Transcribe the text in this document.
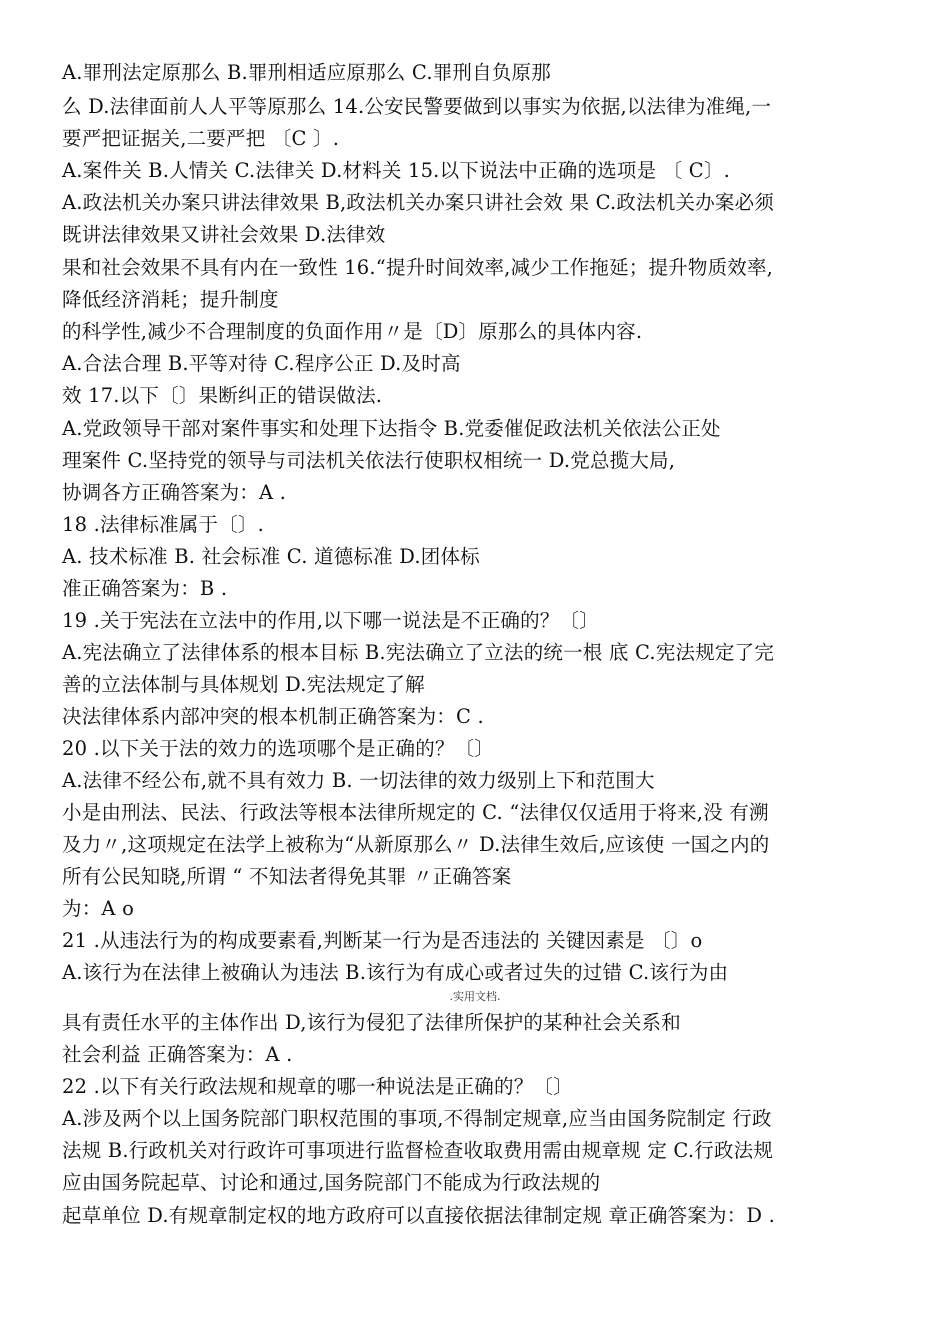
A.罪刑法定原那么 B.罪刑相适应原那么 C.罪刑自负原那
么 D.法律面前人人平等原那么 14.公安民警要做到以事实为依据,以法律为准绳,一
要严把证据关,二要严把 〔C 〕.
A.案件关 B.人情关 C.法律关 D.材料关 15.以下说法中正确的选项是 〔 C〕.
A.政法机关办案只讲法律效果 B,政法机关办案只讲社会效 果 C.政法机关办案必须
既讲法律效果又讲社会效果 D.法律效
果和社会效果不具有内在一致性 16.“提升时间效率,减少工作拖延；提升物质效率,
降低经济消耗；提升制度
的科学性,减少不合理制度的负面作用〃是〔D〕原那么的具体内容.
A.合法合理 B.平等对待 C.程序公正 D.及时高
效 17.以下〔〕果断纠正的错误做法.
A.党政领导干部对案件事实和处理下达指令 B.党委催促政法机关依法公正处
理案件 C.坚持党的领导与司法机关依法行使职权相统一 D.党总揽大局,
协调各方正确答案为：A .
18 .法律标准属于〔〕.
A. 技术标准 B. 社会标准 C. 道德标准 D.团体标
准正确答案为：B .
19 .关于宪法在立法中的作用,以下哪一说法是不正确的？〔〕
A.宪法确立了法律体系的根本目标 B.宪法确立了立法的统一根 底 C.宪法规定了完
善的立法体制与具体规划 D.宪法规定了解
决法律体系内部冲突的根本机制正确答案为：C .
20 .以下关于法的效力的选项哪个是正确的？〔〕
A.法律不经公布,就不具有效力 B. 一切法律的效力级别上下和范围大
小是由刑法、民法、行政法等根本法律所规定的 C. “法律仅仅适用于将来,没 有溯
及力〃,这项规定在法学上被称为“从新原那么〃 D.法律生效后,应该使 一国之内的
所有公民知晓,所谓 “ 不知法者得免其罪 〃正确答案
为：A o
21 .从违法行为的构成要素看,判断某一行为是否违法的 关键因素是 〔〕o
A.该行为在法律上被确认为违法 B.该行为有成心或者过失的过错 C.该行为由
.实用文档.
具有责任水平的主体作出 D,该行为侵犯了法律所保护的某种社会关系和
社会利益 正确答案为：A .
22 .以下有关行政法规和规章的哪一种说法是正确的？〔〕
A.涉及两个以上国务院部门职权范围的事项,不得制定规章,应当由国务院制定 行政
法规 B.行政机关对行政许可事项进行监督检查收取费用需由规章规 定 C.行政法规
应由国务院起草、讨论和通过,国务院部门不能成为行政法规的
起草单位 D.有规章制定权的地方政府可以直接依据法律制定规 章正确答案为：D .
